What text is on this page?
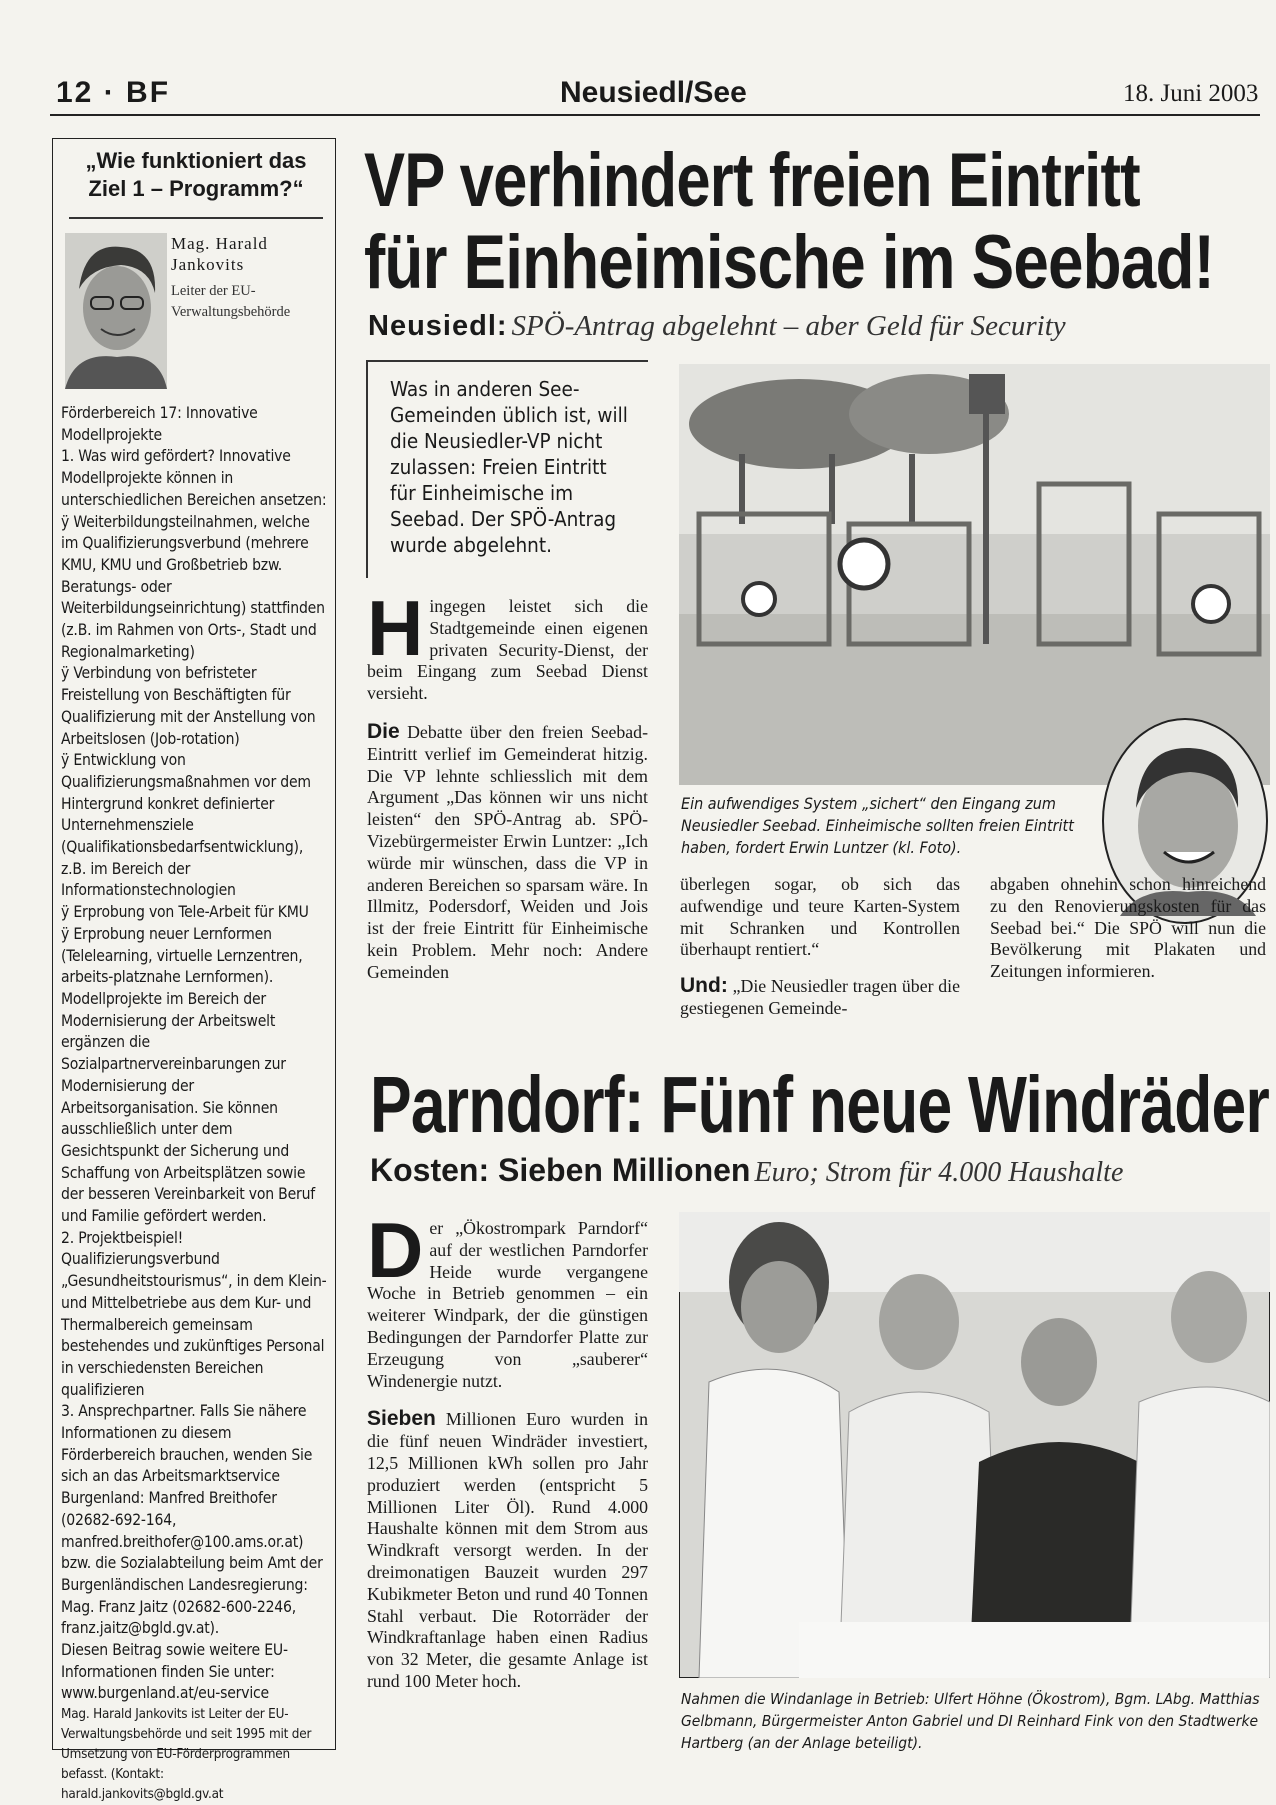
12 · BF	Neusiedl/See	18. Juni 2003
„Wie funktioniert das
Ziel 1 – Programm?“
Mag. Harald
Jankovits
Leiter der EU-
Verwaltungsbehörde

Förderbereich 17: Innovative Modellprojekte

1. Was wird gefördert? Innovative Modellprojekte können in unterschiedlichen Bereichen ansetzen:

ÿ Weiterbildungsteilnahmen, welche im Qualifizierungsverbund (mehrere KMU, KMU und Großbetrieb bzw. Beratungs- oder Weiterbildungseinrichtung) stattfinden (z.B. im Rahmen von Orts-, Stadt und Regionalmarketing)

ÿ Verbindung von befristeter Freistellung von Beschäftigten für Qualifizierung mit der Anstellung von Arbeitslosen (Job-rotation)

ÿ Entwicklung von Qualifizierungsmaßnahmen vor dem Hintergrund konkret definierter Unternehmensziele (Qualifikationsbedarfsentwicklung), z.B. im Bereich der Informationstechnologien

ÿ Erprobung von Tele-Arbeit für KMU

ÿ Erprobung neuer Lernformen (Telelearning, virtuelle Lernzentren, arbeits-platznahe Lernformen).

Modellprojekte im Bereich der Modernisierung der Arbeitswelt ergänzen die Sozialpartnervereinbarungen zur Modernisierung der Arbeitsorganisation. Sie können ausschließlich unter dem Gesichtspunkt der Sicherung und Schaffung von Arbeitsplätzen sowie der besseren Vereinbarkeit von Beruf und Familie gefördert werden.

2. Projektbeispiel! Qualifizierungsverbund „Gesundheitstourismus“, in dem Klein- und Mittelbetriebe aus dem Kur- und Thermalbereich gemeinsam bestehendes und zukünftiges Personal in verschiedensten Bereichen qualifizieren

3. Ansprechpartner. Falls Sie nähere Informationen zu diesem Förderbereich brauchen, wenden Sie sich an das Arbeitsmarktservice Burgenland: Manfred Breithofer (02682-692-164, manfred.breithofer@100.ams.or.at) bzw. die Sozialabteilung beim Amt der Burgenländischen Landesregierung: Mag. Franz Jaitz (02682-600-2246, franz.jaitz@bgld.gv.at).

Diesen Beitrag sowie weitere EU-Informationen finden Sie unter: www.burgenland.at/eu-service

Mag. Harald Jankovits ist Leiter der EU-Verwaltungsbehörde und seit 1995 mit der Umsetzung von EU-Förderprogrammen befasst. (Kontakt: harald.jankovits@bgld.gv.at

VP verhindert freien Eintritt
für Einheimische im Seebad!
Neusiedl: SPÖ-Antrag abgelehnt – aber Geld für Security
Was in anderen See-Gemeinden üblich ist, will die Neusiedler-VP nicht zulassen: Freien Eintritt für Einheimische im Seebad. Der SPÖ-Antrag wurde abgelehnt.

Hingegen leistet sich die Stadtgemeinde einen eigenen privaten Security-Dienst, der beim Eingang zum Seebad Dienst versieht.

Die Debatte über den freien Seebad-Eintritt verlief im Gemeinderat hitzig. Die VP lehnte schliesslich mit dem Argument „Das können wir uns nicht leisten“ den SPÖ-Antrag ab. SPÖ-Vizebürgermeister Erwin Luntzer: „Ich würde mir wünschen, dass die VP in anderen Bereichen so sparsam wäre. In Illmitz, Podersdorf, Weiden und Jois ist der freie Eintritt für Einheimische kein Problem. Mehr noch: Andere Gemeinden

Ein aufwendiges System „sichert“ den Eingang zum Neusiedler Seebad. Einheimische sollten freien Eintritt haben, fordert Erwin Luntzer (kl. Foto).

überlegen sogar, ob sich das aufwendige und teure Karten-System mit Schranken und Kontrollen überhaupt rentiert.“

Und: „Die Neusiedler tragen über die gestiegenen Gemeinde-

abgaben ohnehin schon hinreichend zu den Renovierungskosten für das Seebad bei.“ Die SPÖ will nun die Bevölkerung mit Plakaten und Zeitungen informieren.
Parndorf: Fünf neue Windräder
Kosten: Sieben Millionen Euro; Strom für 4.000 Haushalte

Der „Ökostrompark Parndorf“ auf der westlichen Parndorfer Heide wurde vergangene Woche in Betrieb genommen – ein weiterer Windpark, der die günstigen Bedingungen der Parndorfer Platte zur Erzeugung von „sauberer“ Windenergie nutzt.

Sieben Millionen Euro wurden in die fünf neuen Windräder investiert, 12,5 Millionen kWh sollen pro Jahr produziert werden (entspricht 5 Millionen Liter Öl). Rund 4.000 Haushalte können mit dem Strom aus Windkraft versorgt werden. In der dreimonatigen Bauzeit wurden 297 Kubikmeter Beton und rund 40 Tonnen Stahl verbaut. Die Rotorräder der Windkraftanlage haben einen Radius von 32 Meter, die gesamte Anlage ist rund 100 Meter hoch.

Nahmen die Windanlage in Betrieb: Ulfert Höhne (Ökostrom), Bgm. LAbg. Matthias Gelbmann, Bürgermeister Anton Gabriel und DI Reinhard Fink von den Stadtwerke Hartberg (an der Anlage beteiligt).
